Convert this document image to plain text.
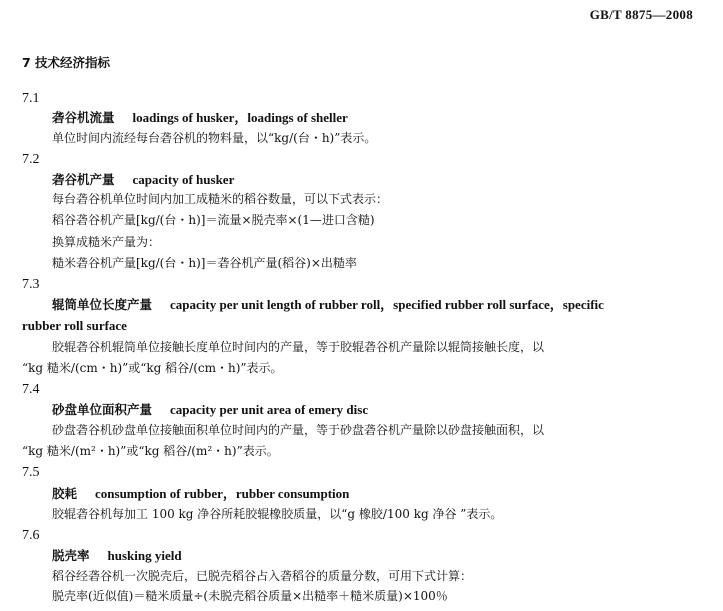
GB/T 8875—2008
7 技术经济指标
7.1
砻谷机流量 loadings of husker，loadings of sheller
单位时间内流经每台砻谷机的物料量，以“kg/(台・h)”表示。
7.2
砻谷机产量 capacity of husker
每台砻谷机单位时间内加工成糙米的稻谷数量，可以下式表示：
稻谷砻谷机产量[kg/(台・h)]＝流量×脱壳率×(1—进口含糙)
换算成糙米产量为：
糙米砻谷机产量[kg/(台・h)]＝砻谷机产量(稻谷)×出糙率
7.3
辊筒单位长度产量 capacity per unit length of rubber roll，specified rubber roll surface，specific
rubber roll surface
胶辊砻谷机辊筒单位接触长度单位时间内的产量，等于胶辊砻谷机产量除以辊筒接触长度，以
“kg 糙米/(cm・h)”或“kg 稻谷/(cm・h)”表示。
7.4
砂盘单位面积产量 capacity per unit area of emery disc
砂盘砻谷机砂盘单位接触面积单位时间内的产量，等于砂盘砻谷机产量除以砂盘接触面积，以
“kg 糙米/(m²・h)”或“kg 稻谷/(m²・h)”表示。
7.5
胶耗 consumption of rubber，rubber consumption
胶辊砻谷机每加工 100 kg 净谷所耗胶辊橡胶质量，以“g 橡胶/100 kg 净谷 ”表示。
7.6
脱壳率 husking yield
稻谷经砻谷机一次脱壳后，已脱壳稻谷占入砻稻谷的质量分数，可用下式计算：
脱壳率(近似值)＝糙米质量÷(未脱壳稻谷质量×出糙率＋糙米质量)×100％
